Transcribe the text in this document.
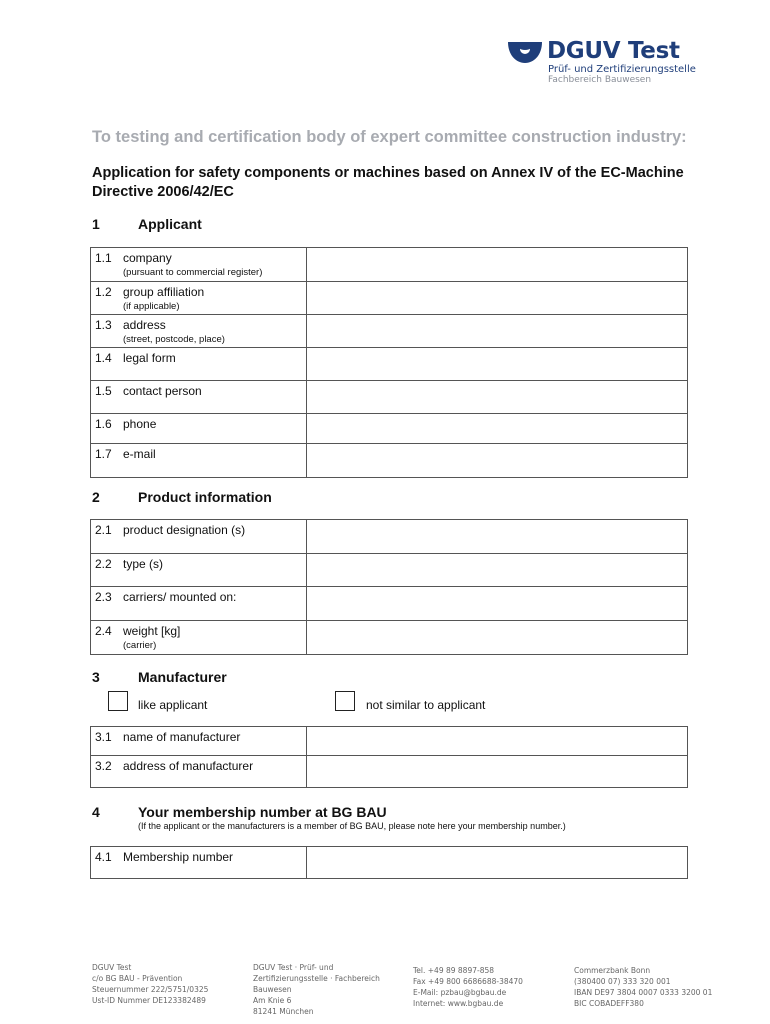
DGUV Test
Prüf- und Zertifizierungsstelle
Fachbereich Bauwesen
To testing and certification body of expert committee construction industry:
Application for safety components or machines based on Annex IV of the EC-Machine Directive 2006/42/EC
1	Applicant
1.1 company
(pursuant to commercial register)	

1.2 group affiliation
(if applicable)	

1.3 address
(street, postcode, place)	

1.4 legal form	

1.5 contact person	

1.6 phone	

1.7 e-mail	

2	Product information
2.1 product designation (s)	

2.2 type (s)	

2.3 carriers/ mounted on:	

2.4 weight [kg]
(carrier)	

3	Manufacturer
like applicant	not similar to applicant
3.1 name of manufacturer	

3.2 address of manufacturer	

4	Your membership number at BG BAU
(If the applicant or the manufacturers is a member of BG BAU, please note here your membership number.)
4.1 Membership number

DGUV Test
c/o BG BAU - Prävention
Steuernummer 222/5751/0325
Ust-ID Nummer DE123382489
DGUV Test · Prüf- und
Zertifizierungsstelle · Fachbereich
Bauwesen
Am Knie 6
81241 München
Tel. +49 89 8897-858
Fax +49 800 6686688-38470
E-Mail: pzbau@bgbau.de
Internet: www.bgbau.de
Commerzbank Bonn
(380400 07) 333 320 001
IBAN DE97 3804 0007 0333 3200 01
BIC COBADEFF380
